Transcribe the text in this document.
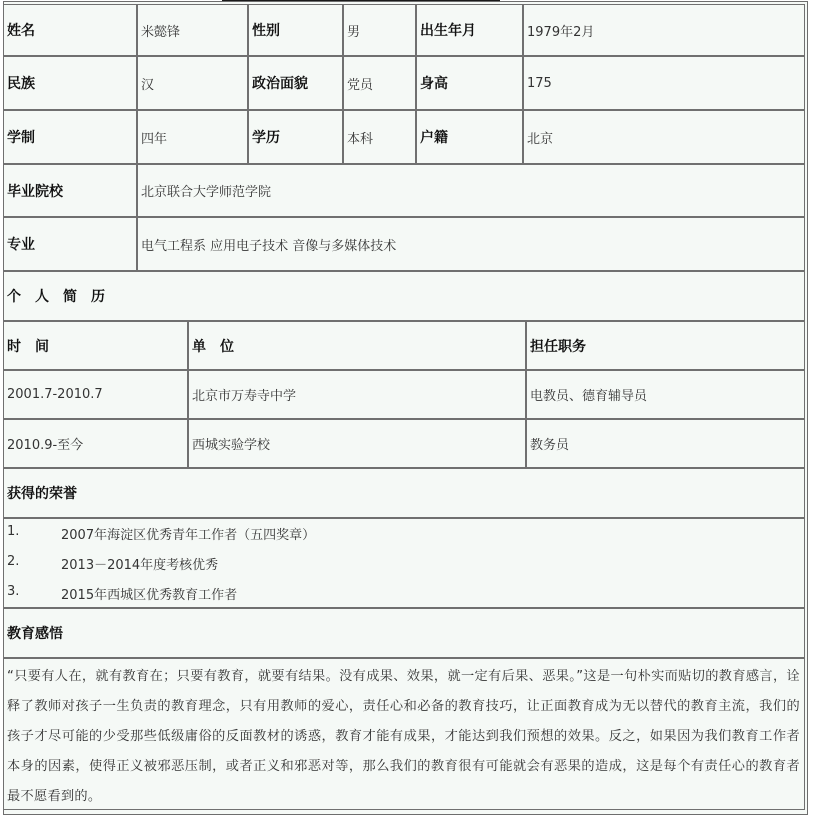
姓名	米懿锋	性别	男	出生年月	1979年2月
民族	汉	政治面貌	党员	身高	175
学制	四年	学历	本科	户籍	北京
毕业院校	北京联合大学师范学院
专业	电气工程系 应用电子技术 音像与多媒体技术
个　人　简　历
时　间	单　位	担任职务
2001.7-2010.7	北京市万寿寺中学	电教员、德育辅导员
2010.9-至今	西城实验学校	教务员
获得的荣誉
1.	2007年海淀区优秀青年工作者（五四奖章）
2.	2013－2014年度考核优秀
3.	2015年西城区优秀教育工作者
教育感悟
“只要有人在，就有教育在；只要有教育，就要有结果。没有成果、效果，就一定有后果、恶果。”这是一句朴实而贴切的教育感言，诠释了教师对孩子一生负责的教育理念，只有用教师的爱心，责任心和必备的教育技巧，让正面教育成为无以替代的教育主流，我们的孩子才尽可能的少受那些低级庸俗的反面教材的诱惑，教育才能有成果，才能达到我们预想的效果。反之，如果因为我们教育工作者本身的因素，使得正义被邪恶压制，或者正义和邪恶对等，那么我们的教育很有可能就会有恶果的造成，这是每个有责任心的教育者最不愿看到的。
